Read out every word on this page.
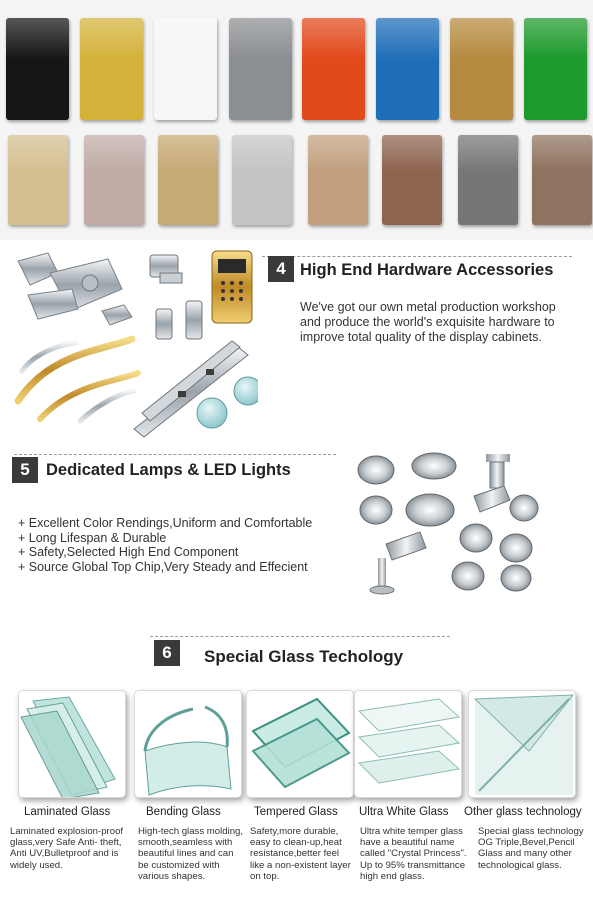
4 High End Hardware Accessories
We've got our own metal production workshop
and produce the world's exquisite hardware to
improve total quality of the display cabinets.
5 Dedicated Lamps & LED Lights
+ Excellent Color Rendings,Uniform and Comfortable
+ Long Lifespan & Durable
+ Safety,Selected High End Component
+ Source Global Top Chip,Very Steady and Effecient
6	Special Glass Techology
Laminated Glass
Laminated explosion-proof
glass,very Safe Anti- theft,
Anti UV,Bulletproof and is
widely used.
Bending Glass
High-tech glass molding,
smooth,seamless with
beautiful lines and can
be customized with
various shapes.
Tempered Glass
Safety,more durable,
easy to clean-up,heat
resistance,better feel
like a non-existent layer
on top.
Ultra White Glass
Ultra white temper glass
have a beautiful name
called "Crystal Princess".
Up to 95% transmittance
high end glass.
Other glass technology
Special glass technology
OG Triple,Bevel,Pencil
Glass and many other
technological glass.
